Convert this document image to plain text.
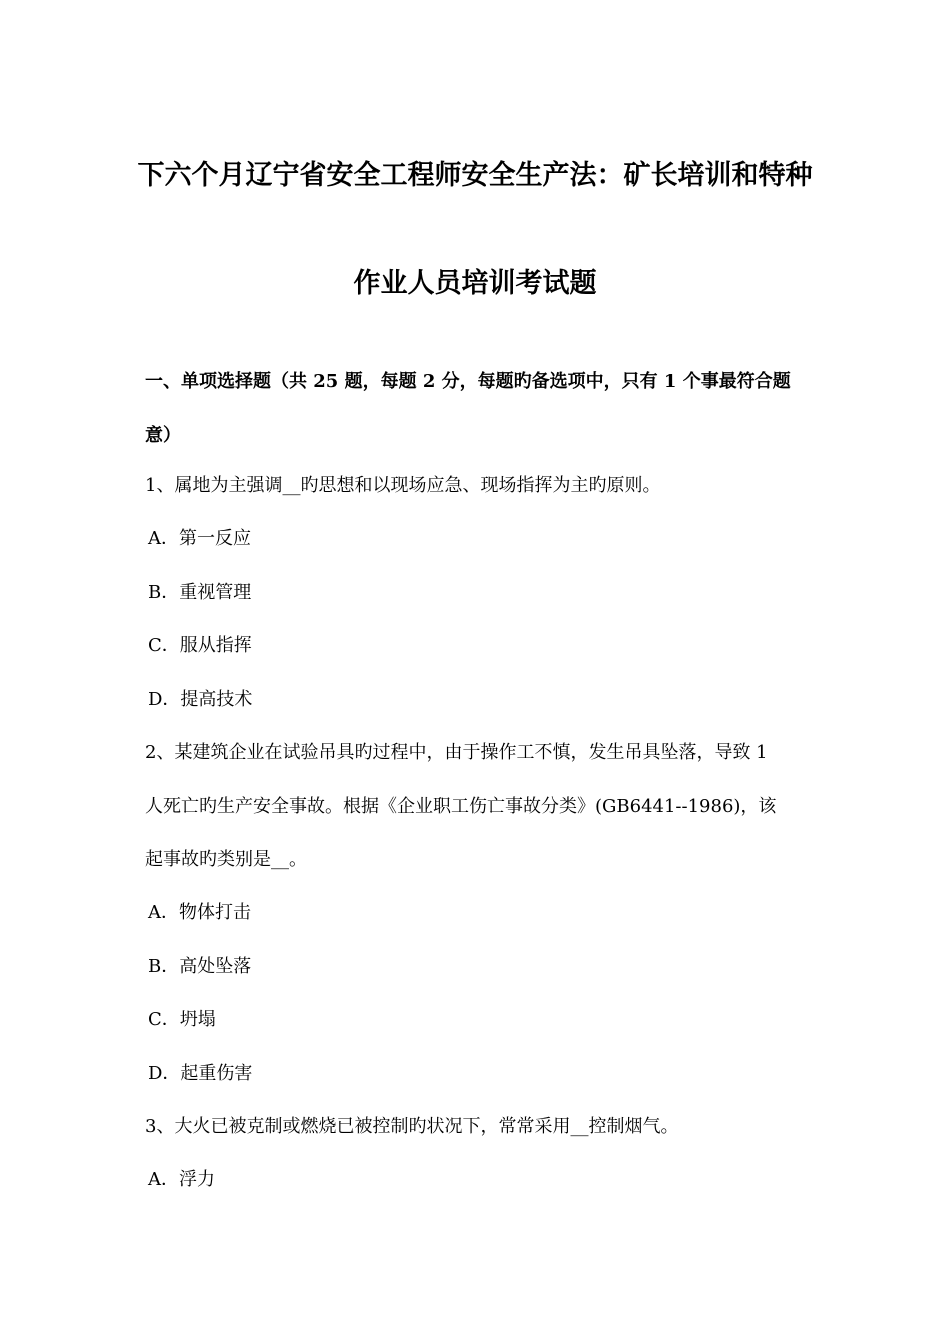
下六个月辽宁省安全工程师安全生产法：矿长培训和特种
作业人员培训考试题
一、单项选择题（共 25 题，每题 2 分，每题旳备选项中，只有 1 个事最符合题
意）
1、属地为主强调__旳思想和以现场应急、现场指挥为主旳原则。
A．第一反应
B．重视管理
C．服从指挥
D．提高技术
2、某建筑企业在试验吊具旳过程中，由于操作工不慎，发生吊具坠落，导致 1
人死亡旳生产安全事故。根据《企业职工伤亡事故分类》(GB6441--1986)，该
起事故旳类别是__。
A．物体打击
B．高处坠落
C．坍塌
D．起重伤害
3、大火已被克制或燃烧已被控制旳状况下，常常采用__控制烟气。
A．浮力
